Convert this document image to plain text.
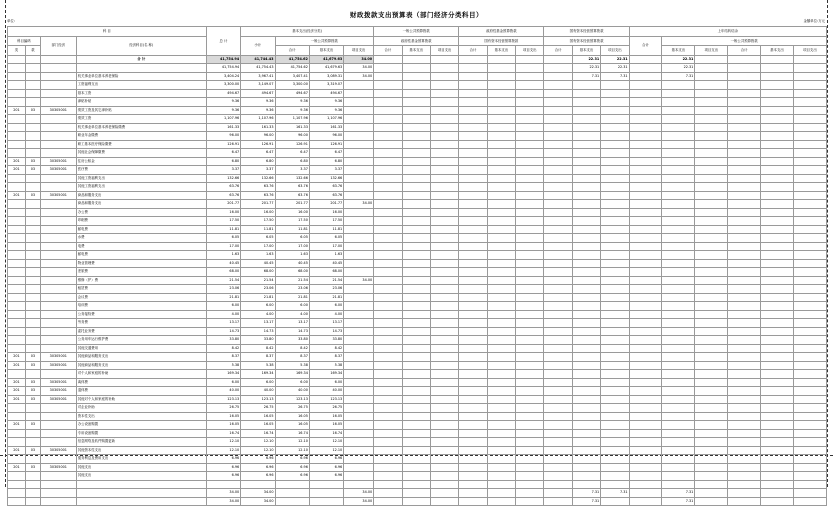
财政拨款支出预算表（部门经济分类科目）
单位:	金额单位:万元
科 目				总 计	基本支出(经济分类)				一般公共预算拨款			政府性基金预算拨款			国有资本经营预算拨款			上年结转结余					
科目编码		部门经济	经济科目(名 称)		小计	一般公共预算拨款			政府性基金预算拨款			国有资本经营预算拨款			国有资本经营预算拨款			合计	一般公共预算拨款				
类	款					合计	基本支出	项目支出	合计	基本支出	项目支出	合计	基本支出	项目支出	合计	基本支出	项目支出		基本支出	项目支出	合计	基本支出	项目支出
			合 计	41,754.94	41,744.43	41,754.62	41,679.63	34.00								22.31	22.31		22.31				
				41,754.94	41,754.43	41,754.62	41,679.63	34.00								22.31	22.31		22.31				
			机关事业单位基本养老保险	3,404.24	3,967.41	3,407.41	3,089.31	34.00								7.31	7.31		7.31				
			工资福利支出	3,300.00	3,149.07	3,300.00	3,319.07																
			基本工资	494.67	494.67	494.67	494.67																
			津贴补贴	9.36	9.36	9.36	9.36																
201	03	30305001	绩效工资及其它津补贴	9.36	9.36	9.36	9.36																
			绩效工资	1,107.96	1,107.96	1,107.96	1,107.96																
			机关事业单位基本养老保险缴费	161.33	161.33	161.33	161.33																
			职业年金缴费	96.00	96.00	96.00	96.00																
			职工基本医疗保险缴费	126.91	126.91	126.91	126.91																
			其他社会保障缴费	6.47	6.47	6.47	6.47																
201	03	30305001	住房公积金	6.80	6.80	6.80	6.80																
201	03	30305001	医疗费	3.37	3.37	3.37	3.37																
			其他工资福利支出	132.66	132.66	132.66	132.66																
			其他工资福利支出	63.76	63.76	63.76	63.76																
201	03	30305001	商品和服务支出	63.76	63.76	63.76	63.76																
			商品和服务支出	201.77	201.77	201.77	201.77	34.00															
			办公费	16.00	16.00	16.00	16.00																
			印刷费	17.50	17.50	17.50	17.50																
			邮电费	11.81	11.81	11.81	11.81																
			水费	6.05	6.05	6.05	6.05																
			电费	17.00	17.00	17.00	17.00																
			邮电费	1.63	1.63	1.63	1.63																
			物业管理费	40.45	40.45	40.45	40.45																
			差旅费	68.00	68.00	68.00	68.00																
			维修（护）费	21.54	21.54	21.54	21.54	34.00															
			租赁费	23.06	23.06	23.06	23.06																
			会议费	21.81	21.81	21.81	21.81																
			培训费	6.00	6.00	6.00	6.00																
			公务接待费	4.00	4.00	4.00	4.00																
			劳务费	13.17	13.17	13.17	13.17																
			委托业务费	14.73	14.73	14.73	14.73																
			公务用车运行维护费	33.80	33.80	33.80	33.80																
			其他交通费用	8.42	8.42	8.42	8.42																
201	03	30305001	其他商品和服务支出	8.37	8.37	8.37	8.37																
201	03	30305001	其他商品和服务支出	5.38	5.38	5.38	5.38																
			对个人和家庭的补助	169.34	169.34	169.34	169.34																
201	03	30305001	离休费	6.00	6.00	6.00	6.00																
201	03	30305001	退休费	40.00	40.00	40.00	40.00																
201	03	30305001	其他对个人和家庭的补助	123.13	123.13	123.13	123.13																
			对企业补助	26.75	26.75	26.75	26.75																
			资本性支出	16.05	16.05	16.05	16.05																
201	03		办公设备购置	16.05	16.05	16.05	16.05																
			专用设备购置	16.74	16.74	16.74	16.74																
			信息网络及软件购置更新	12.10	12.10	12.10	12.10																
201	03	30305001	其他资本性支出	12.10	12.10	12.10	12.10																
			债务利息及费用支出	6.96	6.96	6.96	6.96																
201	03	30305001	其他支出	6.96	6.96	6.96	6.96																
			其他支出	6.96	6.96	6.96	6.96																

				34.00	34.00			34.00								7.31	7.31		7.31				
				34.00	34.00			34.00								7.31			7.31				
